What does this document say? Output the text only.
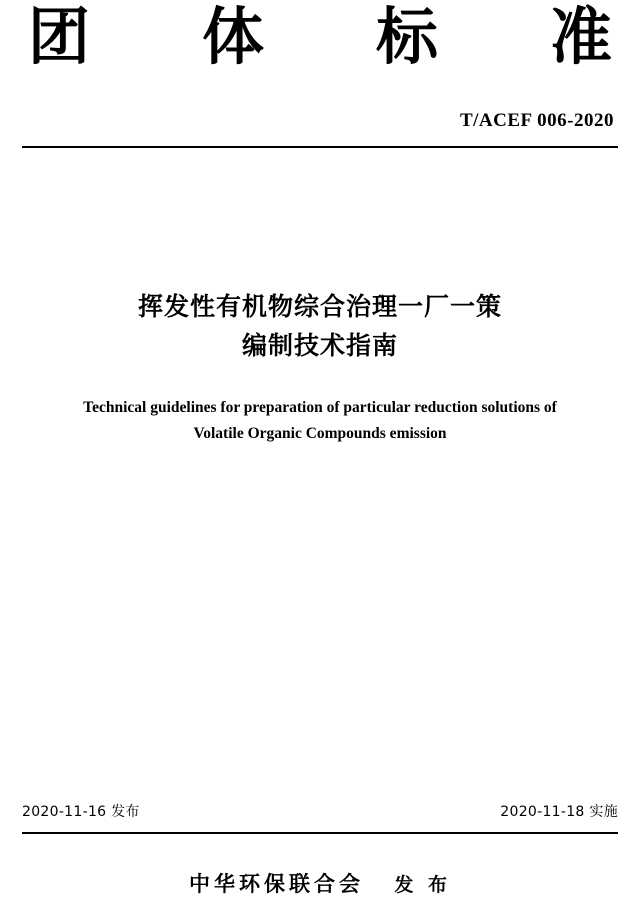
团 体 标 准
T/ACEF 006-2020
挥发性有机物综合治理一厂一策
编制技术指南
Technical guidelines for preparation of particular reduction solutions of
Volatile Organic Compounds emission
2020-11-16 发布	2020-11-18 实施
中华环保联合会 发 布
